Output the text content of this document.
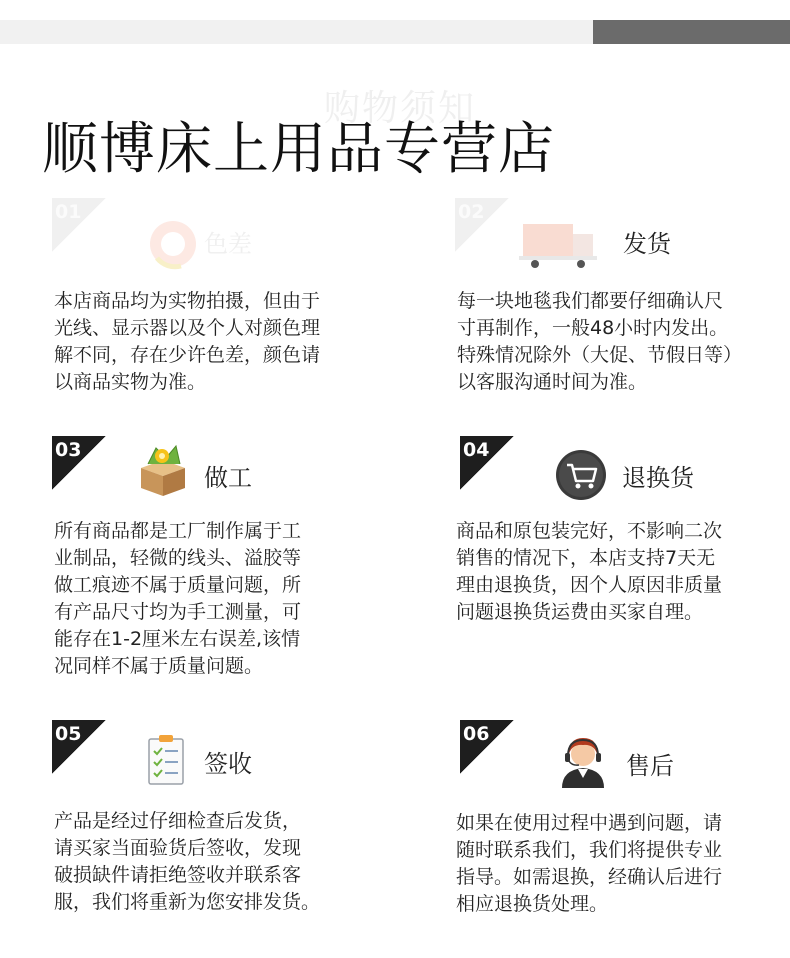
购物须知
顺博床上用品专营店
01
色差
本店商品均为实物拍摄，但由于
光线、显示器以及个人对颜色理
解不同，存在少许色差，颜色请
以商品实物为准。
02
发货
每一块地毯我们都要仔细确认尺
寸再制作，一般48小时内发出。
特殊情况除外（大促、节假日等）
以客服沟通时间为准。
03
做工
所有商品都是工厂制作属于工
业制品，轻微的线头、溢胶等
做工痕迹不属于质量问题，所
有产品尺寸均为手工测量，可
能存在1-2厘米左右误差,该情
况同样不属于质量问题。
04
退换货
商品和原包装完好，不影响二次
销售的情况下，本店支持7天无
理由退换货，因个人原因非质量
问题退换货运费由买家自理。
05
签收
产品是经过仔细检查后发货，
请买家当面验货后签收，发现
破损缺件请拒绝签收并联系客
服，我们将重新为您安排发货。
06
售后
如果在使用过程中遇到问题，请
随时联系我们，我们将提供专业
指导。如需退换，经确认后进行
相应退换货处理。
